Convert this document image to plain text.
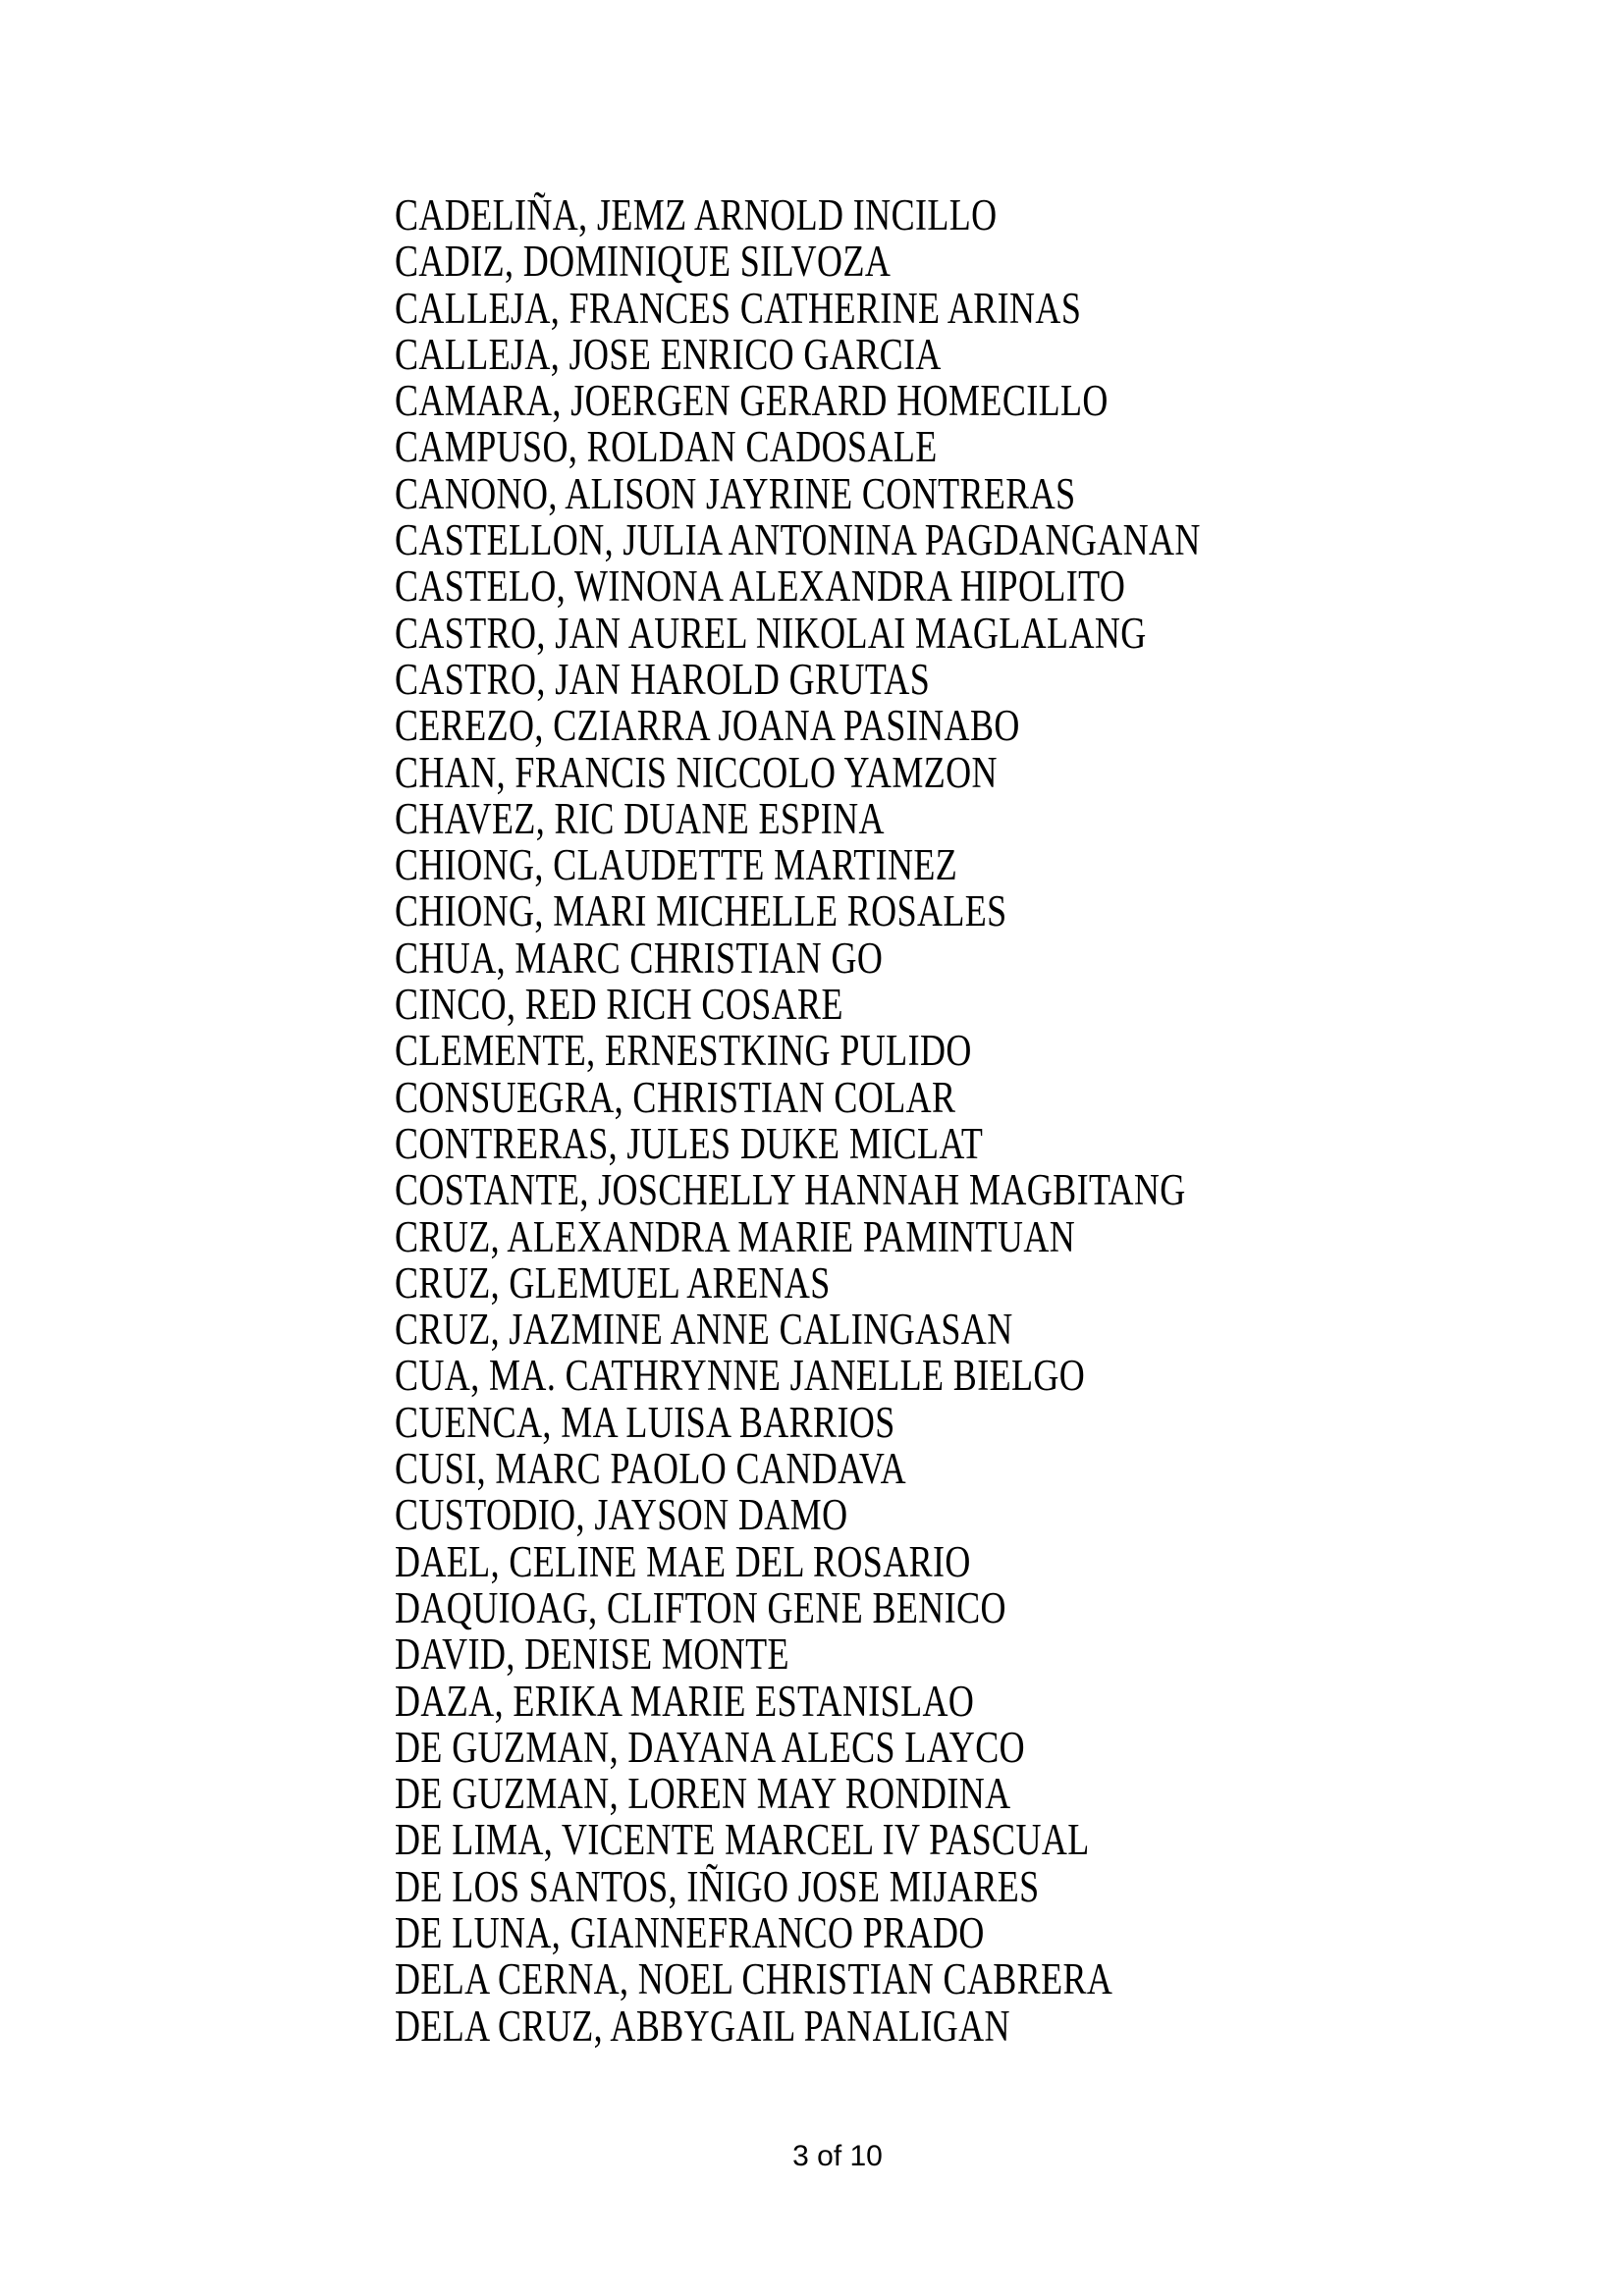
CADELIÑA, JEMZ ARNOLD INCILLO
CADIZ, DOMINIQUE SILVOZA
CALLEJA, FRANCES CATHERINE ARINAS
CALLEJA, JOSE ENRICO GARCIA
CAMARA, JOERGEN GERARD HOMECILLO
CAMPUSO, ROLDAN CADOSALE
CANONO, ALISON JAYRINE CONTRERAS
CASTELLON, JULIA ANTONINA PAGDANGANAN
CASTELO, WINONA ALEXANDRA HIPOLITO
CASTRO, JAN AUREL NIKOLAI MAGLALANG
CASTRO, JAN HAROLD GRUTAS
CEREZO, CZIARRA JOANA PASINABO
CHAN, FRANCIS NICCOLO YAMZON
CHAVEZ, RIC DUANE ESPINA
CHIONG, CLAUDETTE MARTINEZ
CHIONG, MARI MICHELLE ROSALES
CHUA, MARC CHRISTIAN GO
CINCO, RED RICH COSARE
CLEMENTE, ERNESTKING PULIDO
CONSUEGRA, CHRISTIAN COLAR
CONTRERAS, JULES DUKE MICLAT
COSTANTE, JOSCHELLY HANNAH MAGBITANG
CRUZ, ALEXANDRA MARIE PAMINTUAN
CRUZ, GLEMUEL ARENAS
CRUZ, JAZMINE ANNE CALINGASAN
CUA, MA. CATHRYNNE JANELLE BIELGO
CUENCA, MA LUISA BARRIOS
CUSI, MARC PAOLO CANDAVA
CUSTODIO, JAYSON DAMO
DAEL, CELINE MAE DEL ROSARIO
DAQUIOAG, CLIFTON GENE BENICO
DAVID, DENISE MONTE
DAZA, ERIKA MARIE ESTANISLAO
DE GUZMAN, DAYANA ALECS LAYCO
DE GUZMAN, LOREN MAY RONDINA
DE LIMA, VICENTE MARCEL IV PASCUAL
DE LOS SANTOS, IÑIGO JOSE MIJARES
DE LUNA, GIANNEFRANCO PRADO
DELA CERNA, NOEL CHRISTIAN CABRERA
DELA CRUZ, ABBYGAIL PANALIGAN
3 of 10
